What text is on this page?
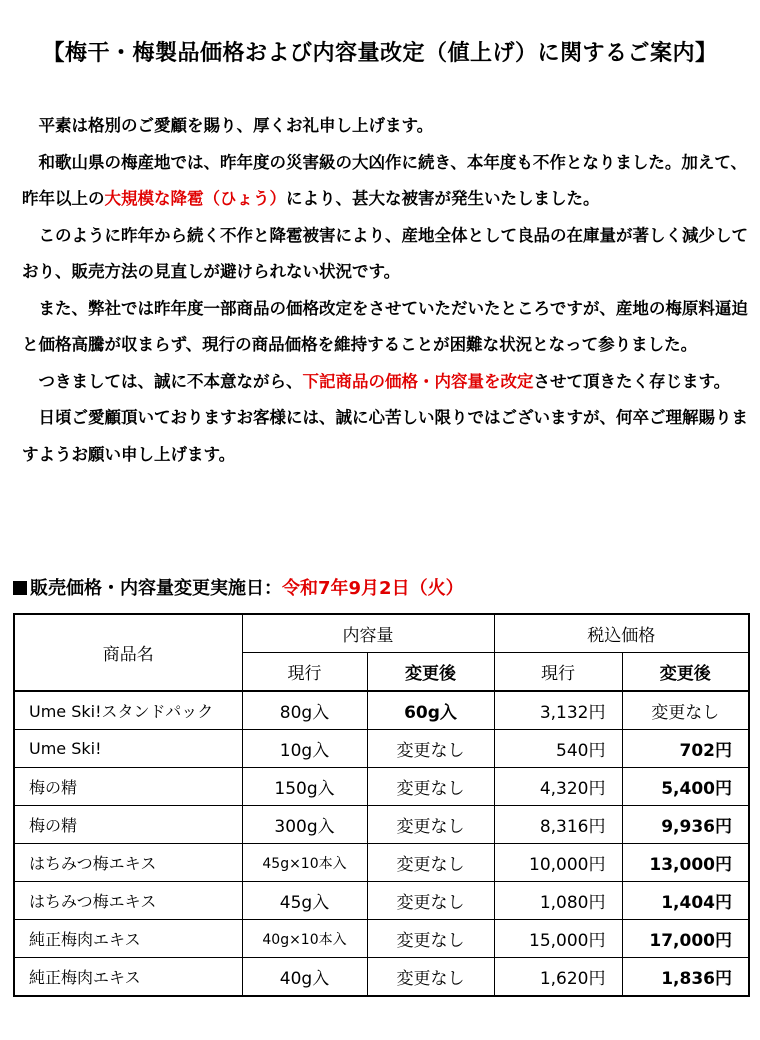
【梅干・梅製品価格および内容量改定（値上げ）に関するご案内】

　平素は格別のご愛顧を賜り、厚くお礼申し上げます。

　和歌山県の梅産地では、昨年度の災害級の大凶作に続き、本年度も不作となりました。加えて、昨年以上の大規模な降雹（ひょう）により、甚大な被害が発生いたしました。

　このように昨年から続く不作と降雹被害により、産地全体として良品の在庫量が著しく減少しており、販売方法の見直しが避けられない状況です。

　また、弊社では昨年度一部商品の価格改定をさせていただいたところですが、産地の梅原料逼迫と価格高騰が収まらず、現行の商品価格を維持することが困難な状況となって参りました。

　つきましては、誠に不本意ながら、下記商品の価格・内容量を改定させて頂きたく存じます。

　日頃ご愛顧頂いておりますお客様には、誠に心苦しい限りではございますが、何卒ご理解賜りますようお願い申し上げます。

販売価格・内容量変更実施日：令和7年9月2日（火）
商品名	内容量		税込価格	
	現行	変更後	現行	変更後
Ume Ski!スタンドパック	80g入	60g入	3,132円	変更なし
Ume Ski!	10g入	変更なし	540円	702円
梅の精	150g入	変更なし	4,320円	5,400円
梅の精	300g入	変更なし	8,316円	9,936円
はちみつ梅エキス	45g×10本入	変更なし	10,000円	13,000円
はちみつ梅エキス	45g入	変更なし	1,080円	1,404円
純正梅肉エキス	40g×10本入	変更なし	15,000円	17,000円
純正梅肉エキス	40g入	変更なし	1,620円	1,836円
